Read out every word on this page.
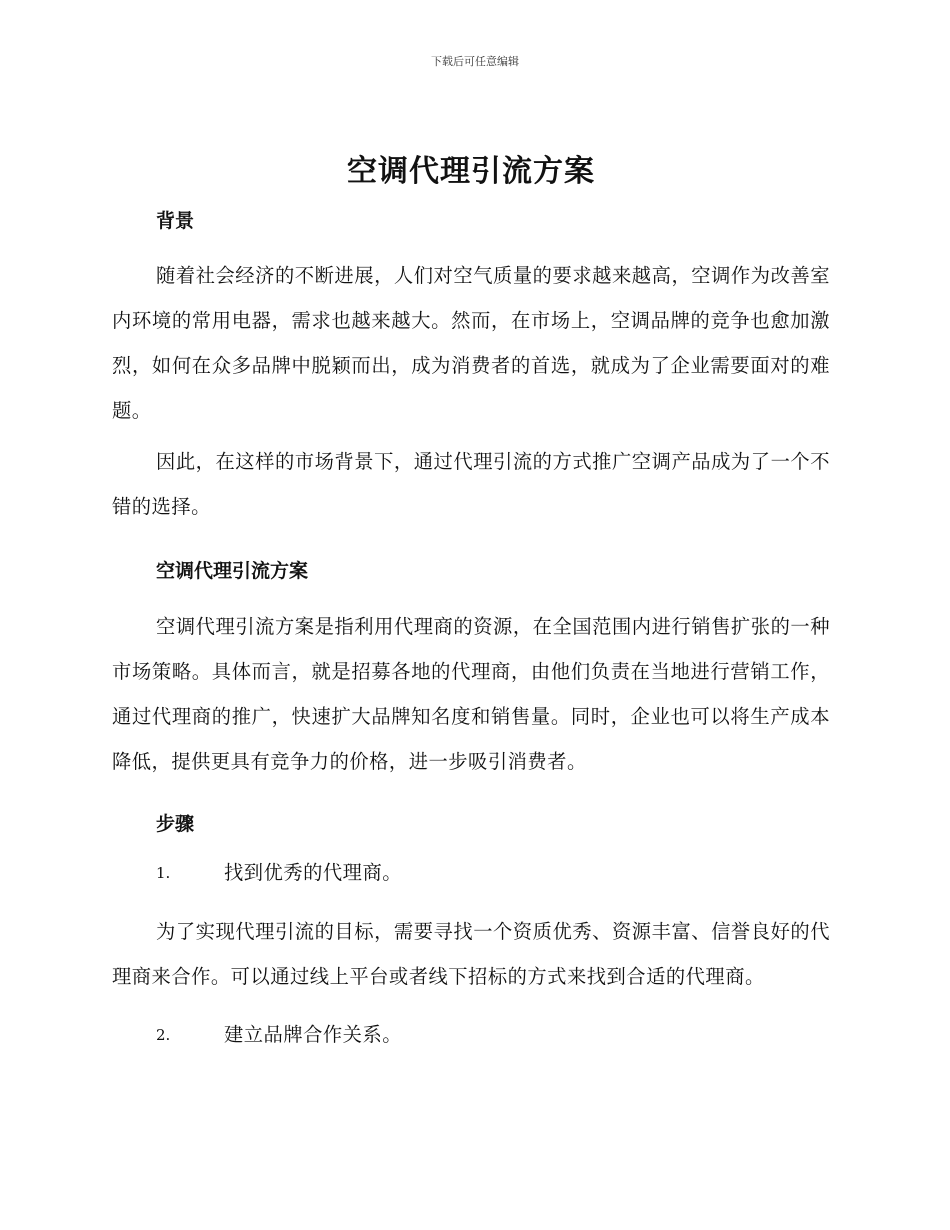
下载后可任意编辑
空调代理引流方案
背景

随着社会经济的不断进展，人们对空气质量的要求越来越高，空调作为改善室内环境的常用电器，需求也越来越大。然而，在市场上，空调品牌的竞争也愈加激烈，如何在众多品牌中脱颖而出，成为消费者的首选，就成为了企业需要面对的难题。

因此，在这样的市场背景下，通过代理引流的方式推广空调产品成为了一个不错的选择。

空调代理引流方案

空调代理引流方案是指利用代理商的资源，在全国范围内进行销售扩张的一种市场策略。具体而言，就是招募各地的代理商，由他们负责在当地进行营销工作，通过代理商的推广，快速扩大品牌知名度和销售量。同时，企业也可以将生产成本降低，提供更具有竞争力的价格，进一步吸引消费者。

步骤
1.	找到优秀的代理商。

为了实现代理引流的目标，需要寻找一个资质优秀、资源丰富、信誉良好的代理商来合作。可以通过线上平台或者线下招标的方式来找到合适的代理商。

2.	建立品牌合作关系。
